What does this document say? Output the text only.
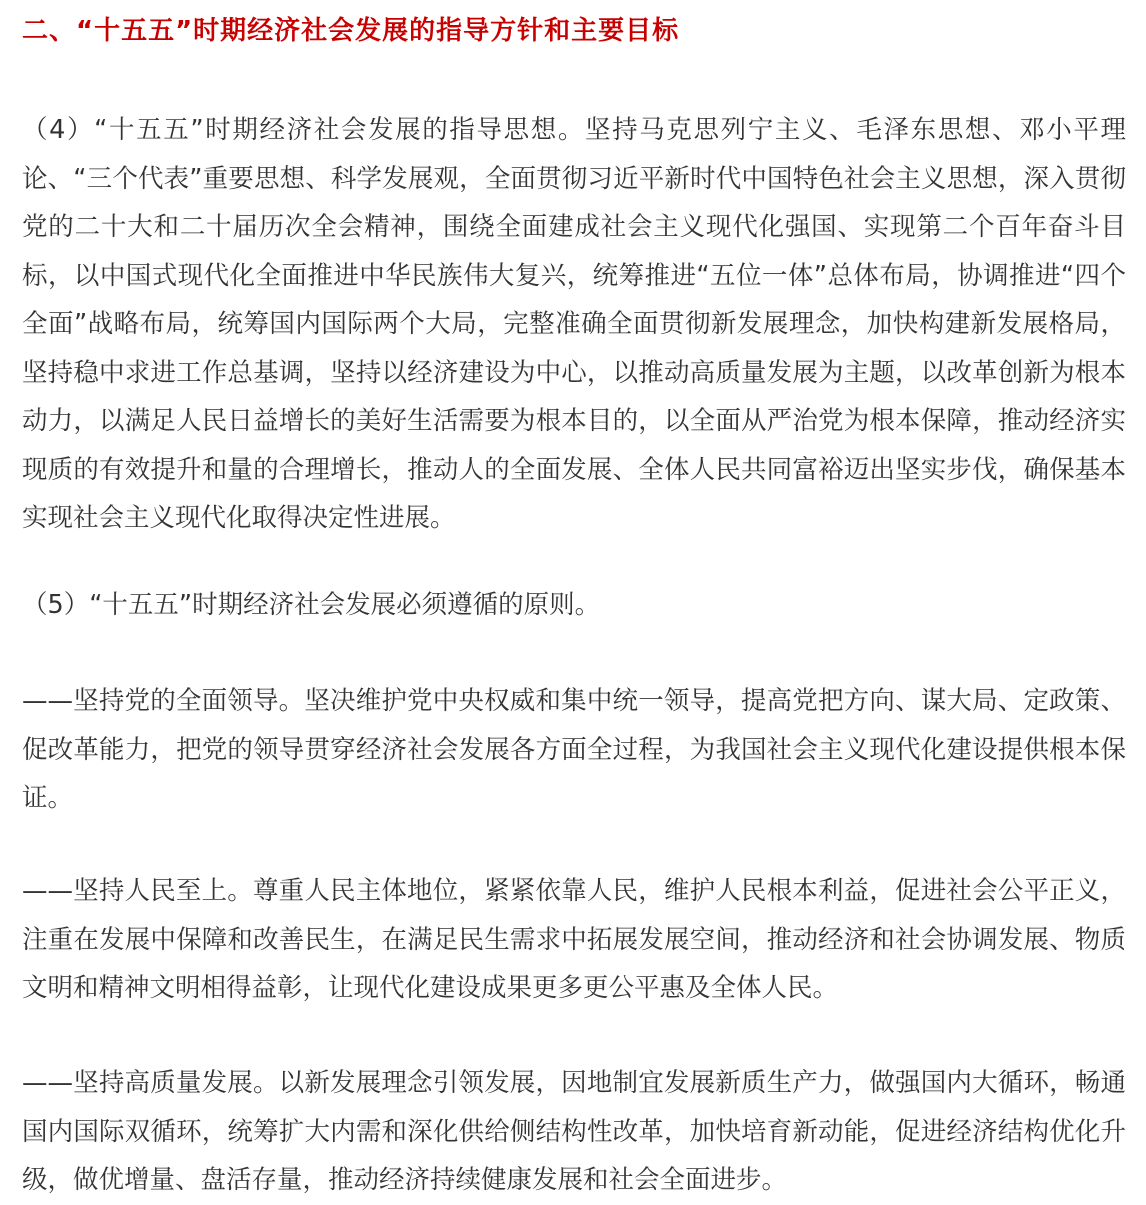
二、“十五五”时期经济社会发展的指导方针和主要目标
（4）“十五五”时期经济社会发展的指导思想。坚持马克思列宁主义、毛泽东思想、邓小平理论、“三个代表”重要思想、科学发展观，全面贯彻习近平新时代中国特色社会主义思想，深入贯彻党的二十大和二十届历次全会精神，围绕全面建成社会主义现代化强国、实现第二个百年奋斗目标，以中国式现代化全面推进中华民族伟大复兴，统筹推进“五位一体”总体布局，协调推进“四个全面”战略布局，统筹国内国际两个大局，完整准确全面贯彻新发展理念，加快构建新发展格局，坚持稳中求进工作总基调，坚持以经济建设为中心，以推动高质量发展为主题，以改革创新为根本动力，以满足人民日益增长的美好生活需要为根本目的，以全面从严治党为根本保障，推动经济实现质的有效提升和量的合理增长，推动人的全面发展、全体人民共同富裕迈出坚实步伐，确保基本实现社会主义现代化取得决定性进展。
（5）“十五五”时期经济社会发展必须遵循的原则。
——坚持党的全面领导。坚决维护党中央权威和集中统一领导，提高党把方向、谋大局、定政策、促改革能力，把党的领导贯穿经济社会发展各方面全过程，为我国社会主义现代化建设提供根本保证。
——坚持人民至上。尊重人民主体地位，紧紧依靠人民，维护人民根本利益，促进社会公平正义，注重在发展中保障和改善民生，在满足民生需求中拓展发展空间，推动经济和社会协调发展、物质文明和精神文明相得益彰，让现代化建设成果更多更公平惠及全体人民。
——坚持高质量发展。以新发展理念引领发展，因地制宜发展新质生产力，做强国内大循环，畅通国内国际双循环，统筹扩大内需和深化供给侧结构性改革，加快培育新动能，促进经济结构优化升级，做优增量、盘活存量，推动经济持续健康发展和社会全面进步。
